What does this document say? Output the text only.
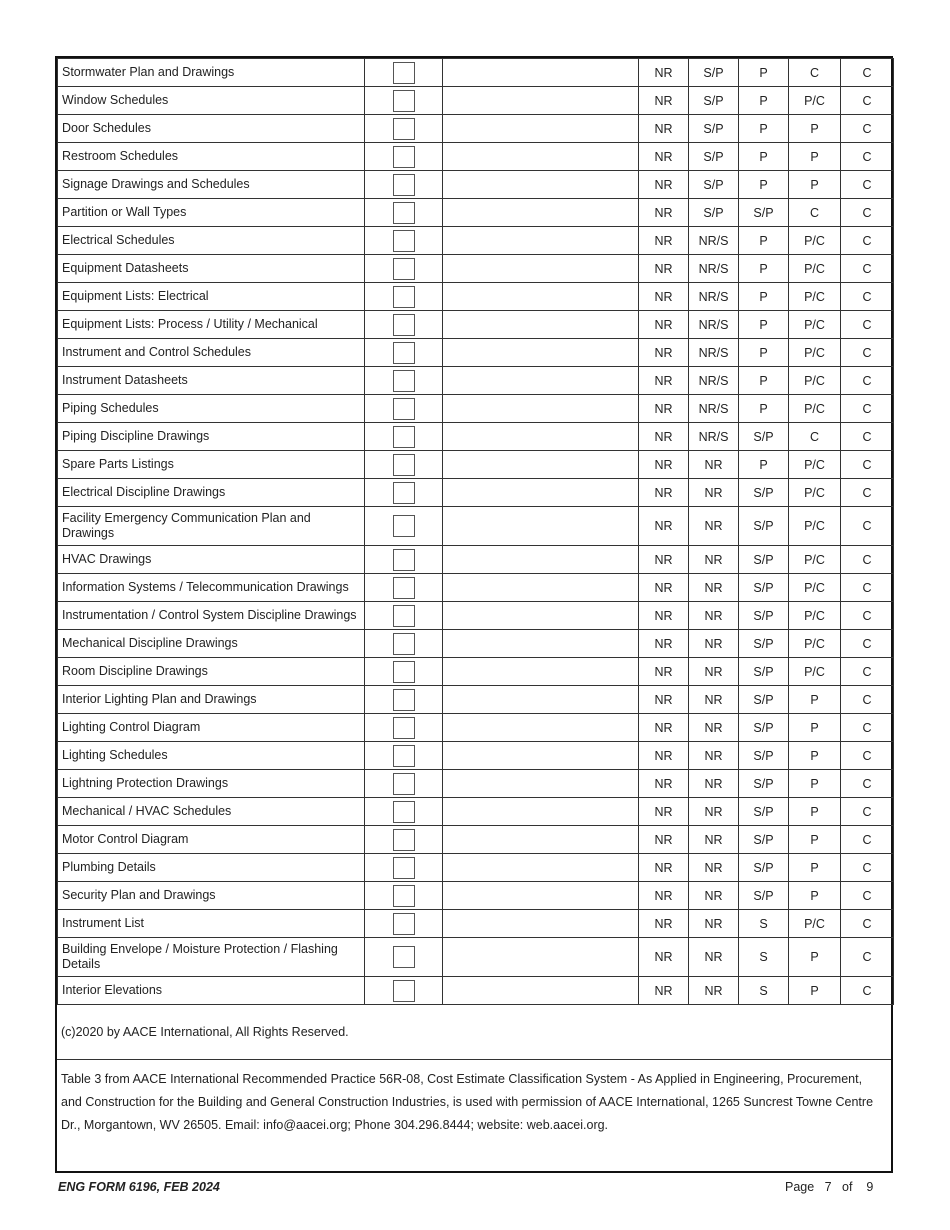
Stormwater Plan and Drawings			NR	S/P	P	C	C
Window Schedules			NR	S/P	P	P/C	C
Door Schedules			NR	S/P	P	P	C
Restroom Schedules			NR	S/P	P	P	C
Signage Drawings and Schedules			NR	S/P	P	P	C
Partition or Wall Types			NR	S/P	S/P	C	C
Electrical Schedules			NR	NR/S	P	P/C	C
Equipment Datasheets			NR	NR/S	P	P/C	C
Equipment Lists: Electrical			NR	NR/S	P	P/C	C
Equipment Lists: Process / Utility / Mechanical			NR	NR/S	P	P/C	C
Instrument and Control Schedules			NR	NR/S	P	P/C	C
Instrument Datasheets			NR	NR/S	P	P/C	C
Piping Schedules			NR	NR/S	P	P/C	C
Piping Discipline Drawings			NR	NR/S	S/P	C	C
Spare Parts Listings			NR	NR	P	P/C	C
Electrical Discipline Drawings			NR	NR	S/P	P/C	C
Facility Emergency Communication Plan and Drawings			NR	NR	S/P	P/C	C
HVAC Drawings			NR	NR	S/P	P/C	C
Information Systems / Telecommunication Drawings			NR	NR	S/P	P/C	C
Instrumentation / Control System Discipline Drawings			NR	NR	S/P	P/C	C
Mechanical Discipline Drawings			NR	NR	S/P	P/C	C
Room Discipline Drawings			NR	NR	S/P	P/C	C
Interior Lighting Plan and Drawings			NR	NR	S/P	P	C
Lighting Control Diagram			NR	NR	S/P	P	C
Lighting Schedules			NR	NR	S/P	P	C
Lightning Protection Drawings			NR	NR	S/P	P	C
Mechanical / HVAC Schedules			NR	NR	S/P	P	C
Motor Control Diagram			NR	NR	S/P	P	C
Plumbing Details			NR	NR	S/P	P	C
Security Plan and Drawings			NR	NR	S/P	P	C
Instrument List			NR	NR	S	P/C	C
Building Envelope / Moisture Protection / Flashing Details			NR	NR	S	P	C
Interior Elevations			NR	NR	S	P	C
(c)2020 by AACE International, All Rights Reserved.
Table 3 from AACE International Recommended Practice 56R-08, Cost Estimate Classification System - As Applied in Engineering, Procurement, and Construction for the Building and General Construction Industries, is used with permission of AACE International, 1265 Suncrest Towne Centre Dr., Morgantown, WV 26505. Email: info@aacei.org; Phone 304.296.8444; website: web.aacei.org.
ENG FORM 6196, FEB 2024	Page 7 of 9
